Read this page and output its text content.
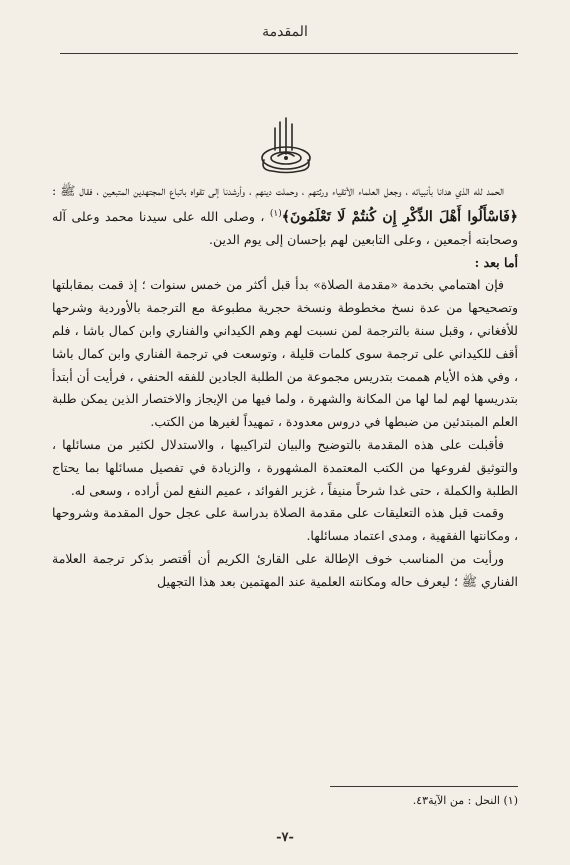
المقدمة

الحمد لله الذي هدانا بأنبيائه ، وجعل العلماء الأتقياء ورثتهم ، وحملت دينهم ، وأرشدنا إلى تقواه باتباع المجتهدين المتبعين ، فقال ﷺ : ﴿فَاسْأَلُوا أَهْلَ الذِّكْرِ إِن كُنتُمْ لَا تَعْلَمُونَ﴾$^{(١)}$ ، وصلى الله على سيدنا محمد وعلى آله وصحابته أجمعين ، وعلى التابعين لهم بإحسان إلى يوم الدين.

أما بعد :

فإن اهتمامي بخدمة «مقدمة الصلاة» بدأ قبل أكثر من خمس سنوات ؛ إذ قمت بمقابلتها وتصحيحها من عدة نسخ مخطوطة ونسخة حجرية مطبوعة مع الترجمة بالأوردية وشرحها للأفغاني ، وقبل سنة بالترجمة لمن نسبت لهم وهم الكيداني والفناري وابن كمال باشا ، فلم أقف للكيداني على ترجمة سوى كلمات قليلة ، وتوسعت في ترجمة الفناري وابن كمال باشا ، وفي هذه الأيام هممت بتدريس مجموعة من الطلبة الجادين للفقه الحنفي ، فرأيت أن أبتدأ بتدريسها لهم لما لها من المكانة والشهرة ، ولما فيها من الإيجاز والاختصار الذين يمكن طلبة العلم المبتدئين من ضبطها في دروس معدودة ، تمهيداً لغيرها من الكتب.

فأقبلت على هذه المقدمة بالتوضيح والبيان لتراكيبها ، والاستدلال لكثير من مسائلها ، والتوثيق لفروعها من الكتب المعتمدة المشهورة ، والزيادة في تفصيل مسائلها بما يحتاج الطلبة والكملة ، حتى غدا شرحاً منيفاً ، غزير الفوائد ، عميم النفع لمن أراده ، وسعى له.

وقمت قبل هذه التعليقات على مقدمة الصلاة بدراسة على عجل حول المقدمة وشروحها ، ومكانتها الفقهية ، ومدى اعتماد مسائلها.

ورأيت من المناسب خوف الإطالة على القارئ الكريم أن أقتصر بذكر ترجمة العلامة الفناري ﷺ ؛ ليعرف حاله ومكانته العلمية عند المهتمين بعد هذا التجهيل

(١) النحل : من الآية٤٣.
-٧-
